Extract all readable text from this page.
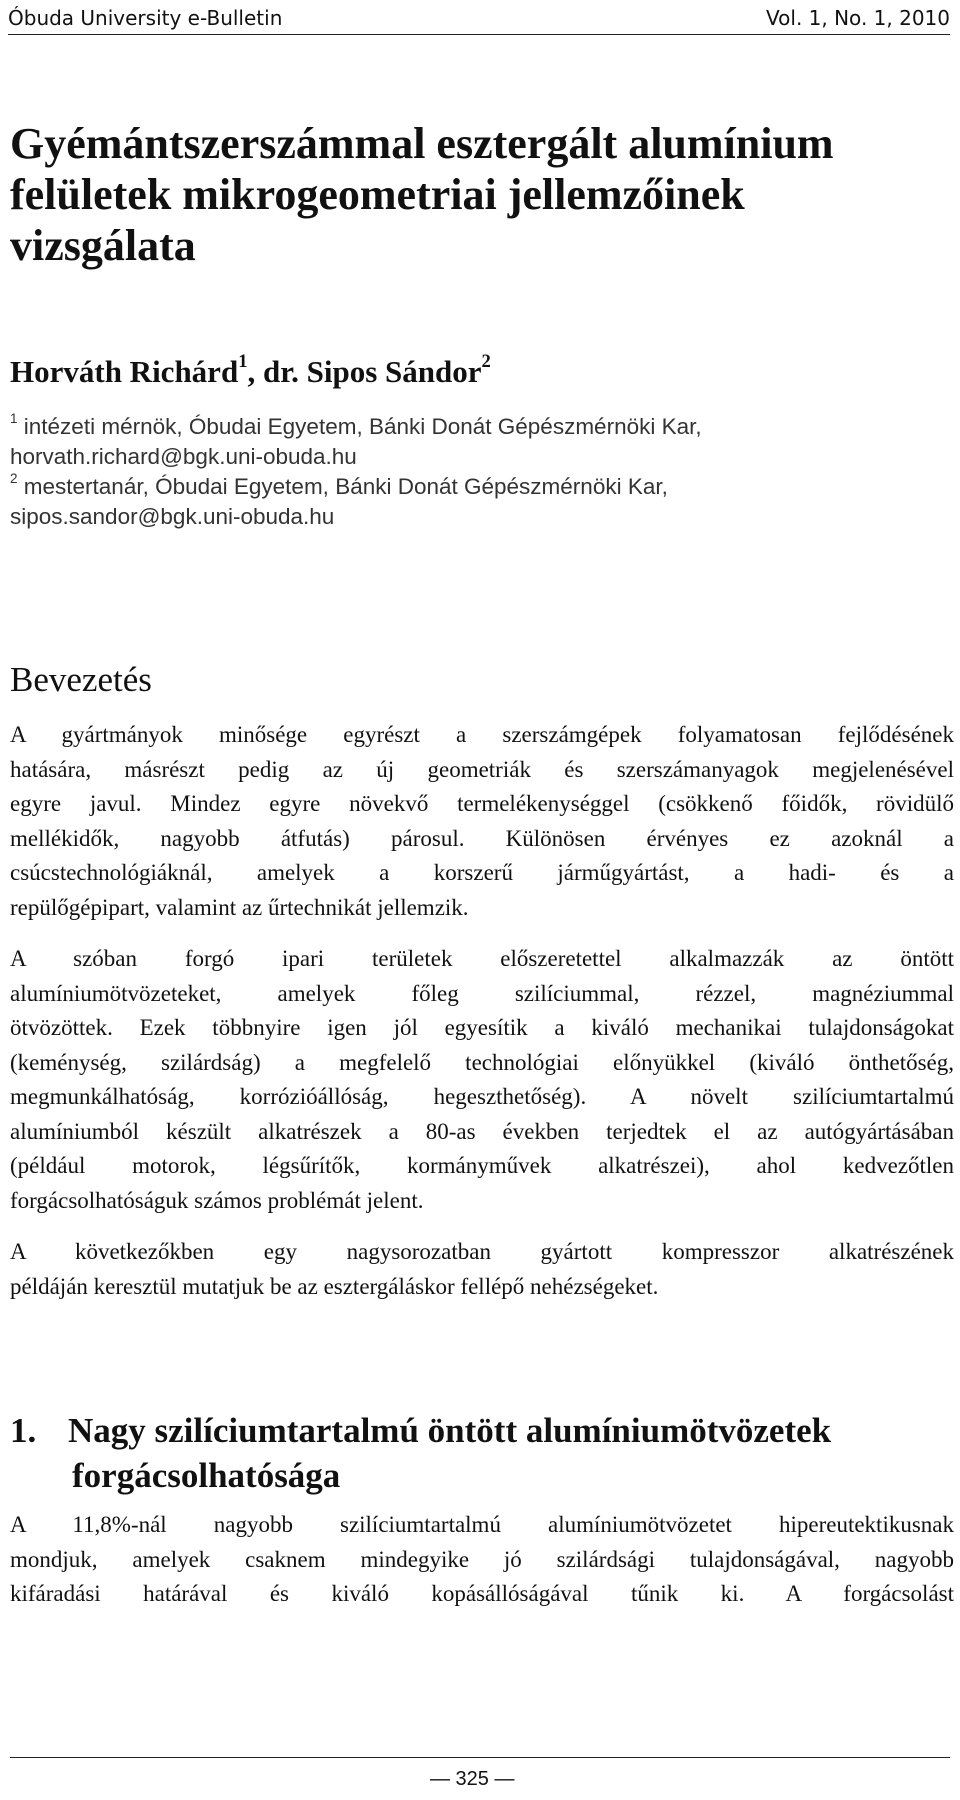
Óbuda University e-Bulletin	Vol. 1, No. 1, 2010
Gyémántszerszámmal esztergált alumínium
felületek mikrogeometriai jellemzőinek
vizsgálata
Horváth Richárd$^1$, dr. Sipos Sándor$^2$
$^1$ intézeti mérnök, Óbudai Egyetem, Bánki Donát Gépészmérnöki Kar,
horvath.richard@bgk.uni-obuda.hu
$^2$ mestertanár, Óbudai Egyetem, Bánki Donát Gépészmérnöki Kar,
sipos.sandor@bgk.uni-obuda.hu
Bevezetés
A gyártmányok minősége egyrészt a szerszámgépek folyamatosan fejlődésének
hatására, másrészt pedig az új geometriák és szerszámanyagok megjelenésével
egyre javul. Mindez egyre növekvő termelékenységgel (csökkenő főidők, rövidülő
mellékidők, nagyobb átfutás) párosul. Különösen érvényes ez azoknál a
csúcstechnológiáknál, amelyek a korszerű járműgyártást, a hadi- és a
repülőgépipart, valamint az űrtechnikát jellemzik.
A szóban forgó ipari területek előszeretettel alkalmazzák az öntött
alumíniumötvözeteket, amelyek főleg szilíciummal, rézzel, magnéziummal
ötvözöttek. Ezek többnyire igen jól egyesítik a kiváló mechanikai tulajdonságokat
(keménység, szilárdság) a megfelelő technológiai előnyükkel (kiváló önthetőség,
megmunkálhatóság, korrózióállóság, hegeszthetőség). A növelt szilíciumtartalmú
alumíniumból készült alkatrészek a 80-as években terjedtek el az autógyártásában
(például motorok, légsűrítők, kormányművek alkatrészei), ahol kedvezőtlen
forgácsolhatóságuk számos problémát jelent.
A következőkben egy nagysorozatban gyártott kompresszor alkatrészének
példáján keresztül mutatjuk be az esztergáláskor fellépő nehézségeket.
1. Nagy szilíciumtartalmú öntött alumíniumötvözetek
forgácsolhatósága
A 11,8%-nál nagyobb szilíciumtartalmú alumíniumötvözetet hipereutektikusnak
mondjuk, amelyek csaknem mindegyike jó szilárdsági tulajdonságával, nagyobb
kifáradási határával és kiváló kopásállóságával tűnik ki. A forgácsolást
— 325 —
